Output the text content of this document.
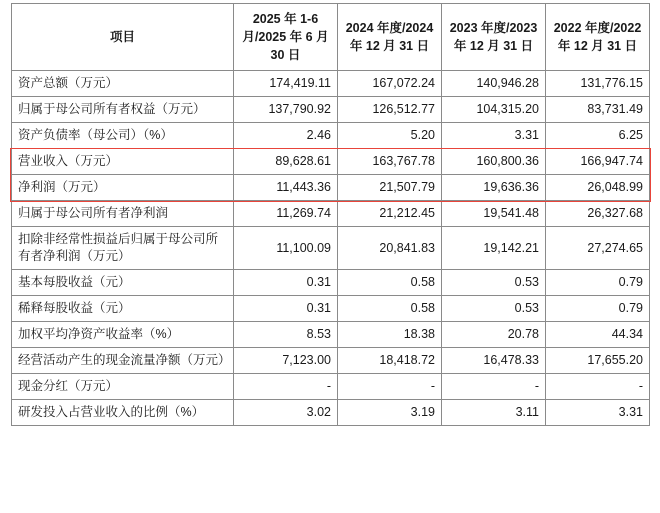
项目	2025 年 1-6 月/2025 年 6 月 30 日	2024 年度/2024 年 12 月 31 日	2023 年度/2023 年 12 月 31 日	2022 年度/2022 年 12 月 31 日
资产总额（万元）	174,419.11	167,072.24	140,946.28	131,776.15
归属于母公司所有者权益（万元）	137,790.92	126,512.77	104,315.20	83,731.49
资产负债率（母公司）（%）	2.46	5.20	3.31	6.25
营业收入（万元）	89,628.61	163,767.78	160,800.36	166,947.74
净利润（万元）	11,443.36	21,507.79	19,636.36	26,048.99
归属于母公司所有者净利润	11,269.74	21,212.45	19,541.48	26,327.68
扣除非经常性损益后归属于母公司所有者净利润（万元）	11,100.09	20,841.83	19,142.21	27,274.65
基本每股收益（元）	0.31	0.58	0.53	0.79
稀释每股收益（元）	0.31	0.58	0.53	0.79
加权平均净资产收益率（%）	8.53	18.38	20.78	44.34
经营活动产生的现金流量净额（万元）	7,123.00	18,418.72	16,478.33	17,655.20
现金分红（万元）	-	-	-	-
研发投入占营业收入的比例（%）	3.02	3.19	3.11	3.31
